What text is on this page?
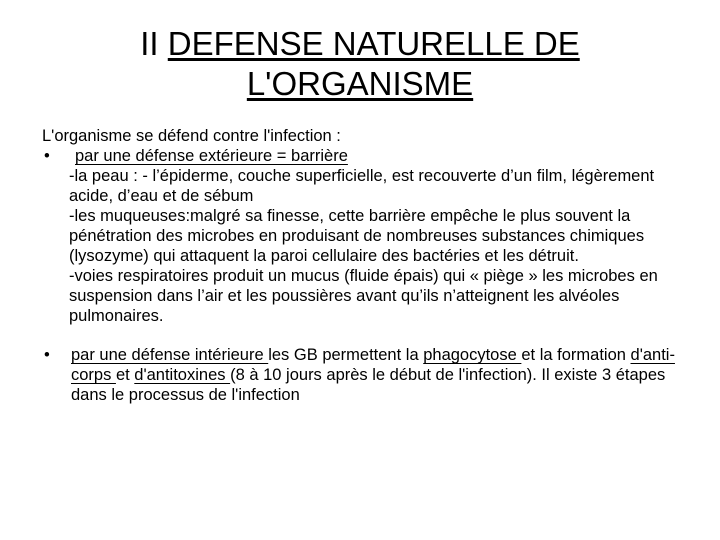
II DEFENSE NATURELLE DE
L'ORGANISME

L'organisme se défend contre l'infection :

• par une défense extérieure = barrière

-la peau : - l’épiderme, couche superficielle, est recouverte d’un film, légèrement acide, d’eau et de sébum

-les muqueuses:malgré sa finesse, cette barrière empêche le plus souvent la pénétration des microbes en produisant de nombreuses substances chimiques (lysozyme) qui attaquent la paroi cellulaire des bactéries et les détruit.

-voies respiratoires produit un mucus (fluide épais) qui « piège » les microbes en suspension dans l’air et les poussières avant qu’ils n’atteignent les alvéoles pulmonaires.

• par une défense intérieure les GB permettent la phagocytose et la formation d'anti-corps et d'antitoxines (8 à 10 jours après le début de l'infection). Il existe 3 étapes dans le processus de l'infection
